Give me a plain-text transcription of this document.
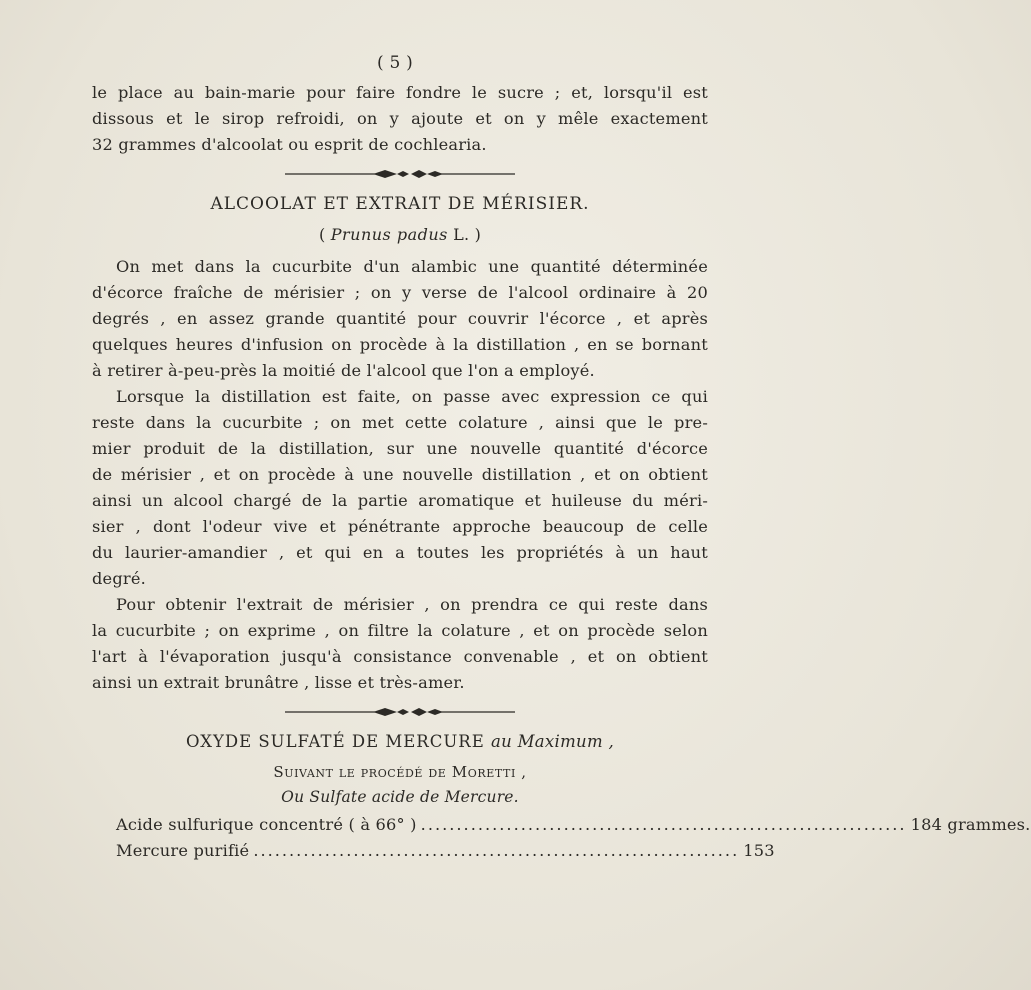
( 5 )

le place au bain-marie pour faire fondre le sucre ; et, lorsqu'il est
dissous et le sirop refroidi, on y ajoute et on y mêle exactement
32 grammes d'alcoolat ou esprit de cochlearia.

ALCOOLAT ET EXTRAIT DE MÉRISIER.
( Prunus padus L. )

On met dans la cucurbite d'un alambic une quantité déterminée
d'écorce fraîche de mérisier ; on y verse de l'alcool ordinaire à 20
degrés , en assez grande quantité pour couvrir l'écorce , et après
quelques heures d'infusion on procède à la distillation , en se bornant
à retirer à-peu-près la moitié de l'alcool que l'on a employé.

Lorsque la distillation est faite, on passe avec expression ce qui
reste dans la cucurbite ; on met cette colature , ainsi que le pre-
mier produit de la distillation, sur une nouvelle quantité d'écorce
de mérisier , et on procède à une nouvelle distillation , et on obtient
ainsi un alcool chargé de la partie aromatique et huileuse du méri-
sier , dont l'odeur vive et pénétrante approche beaucoup de celle
du laurier-amandier , et qui en a toutes les propriétés à un haut
degré.

Pour obtenir l'extrait de mérisier , on prendra ce qui reste dans
la cucurbite ; on exprime , on filtre la colature , et on procède selon
l'art à l'évaporation jusqu'à consistance convenable , et on obtient
ainsi un extrait brunâtre , lisse et très-amer.

OXYDE SULFATÉ DE MERCURE au Maximum ,
Suivant le procédé de Moretti ,
Ou Sulfate acide de Mercure.
Acide sulfurique concentré ( à 66° ) .................................................................... 184 grammes.
Mercure purifié .................................................................... 153
